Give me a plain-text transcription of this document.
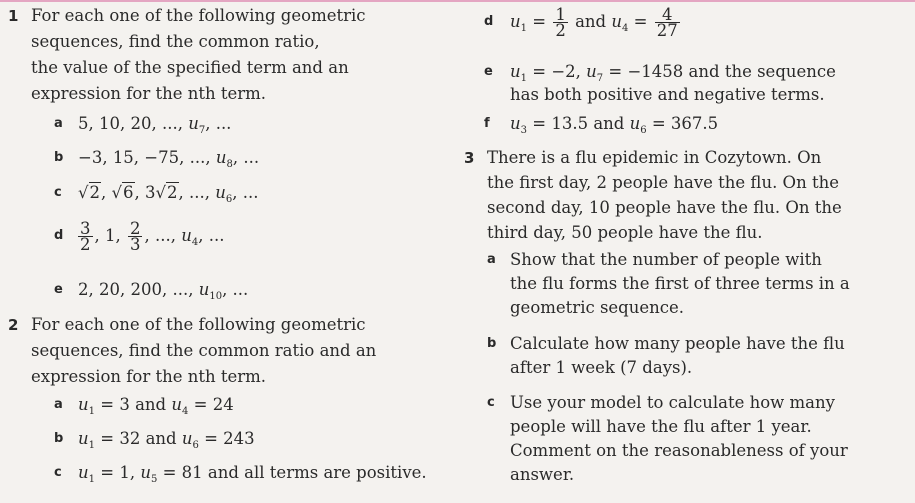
1 For each one of the following geometric
sequences, find the common ratio,
the value of the specified term and an
expression for the nth term.
a 5, 10, 20, ..., $u_7$, ...
b −3, 15, −75, ..., $u_8$, ...
c √2, √6, 3√2, ..., $u_6$, ...
d $\frac{3}{2}$ , 1, $\frac{2}{3}$ , ..., $u_4$, ...
e 2, 20, 200, ..., $u_{10}$, ...
2 For each one of the following geometric
sequences, find the common ratio and an
expression for the nth term.
a $u_1 = 3$ and $u_4 = 24$
b $u_1 = 32$ and $u_6 = 243$
c $u_1 = 1$, $u_5 = 81$ and all terms are positive.
d $u_1 = \frac{1}{2}$ and $u_4 = \frac{4}{27}$
e $u_1 = -2$, $u_7 = -1458$ and the sequence
has both positive and negative terms.
f $u_3 = 13.5$ and $u_6 = 367.5$
3 There is a flu epidemic in Cozytown. On
the first day, 2 people have the flu. On the
second day, 10 people have the flu. On the
third day, 50 people have the flu.
a Show that the number of people with
the flu forms the first of three terms in a
geometric sequence.
b Calculate how many people have the flu
after 1 week (7 days).
c Use your model to calculate how many
people will have the flu after 1 year.
Comment on the reasonableness of your
answer.
